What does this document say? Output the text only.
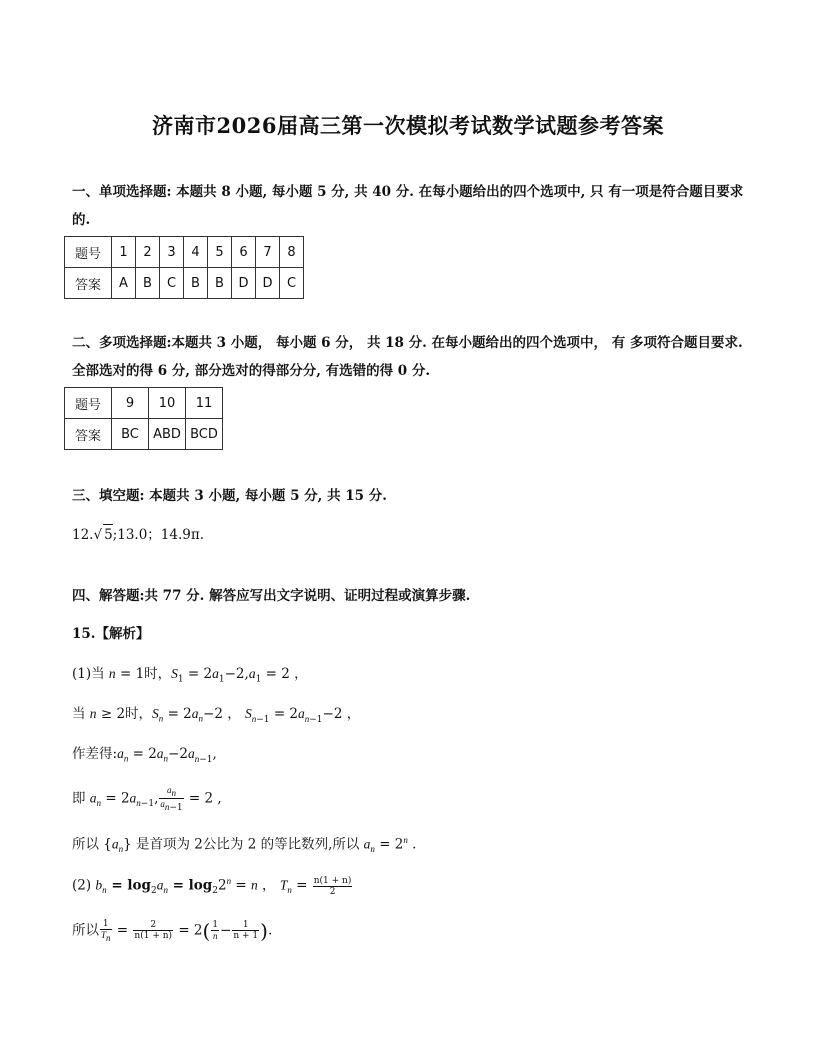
济南市2026届高三第一次模拟考试数学试题参考答案
一、单项选择题: 本题共 8 小题, 每小题 5 分, 共 40 分. 在每小题给出的四个选项中, 只 有一项是符合题目要求的.
题号	1	2	3	4	5	6	7	8
答案	A	B	C	B	B	D	D	C
二、多项选择题:本题共 3 小题， 每小题 6 分， 共 18 分. 在每小题给出的四个选项中， 有 多项符合题目要求. 全部选对的得 6 分, 部分选对的得部分分, 有选错的得 0 分.
题号	9	10	11
答案	BC	ABD	BCD
三、填空题: 本题共 3 小题, 每小题 5 分, 共 15 分.
12.√ 5;13.0；14.9π.
四、解答题:共 77 分. 解答应写出文字说明、证明过程或演算步骤.
15.【解析】
(1)当 n = 1时，$S_1 = 2a_1-2,a_1 = 2$ ，
当 n ≥ 2时，$S_n = 2a_n-2$ ， $S_{n-1} = 2a_{n-1}-2$ ，
作差得$:a_n = 2a_n-2a_{n-1}$,
即 $a_n = 2a_{n-1}$, $\frac{a_n}{a_{n-1}} = 2$ ,
所以 $\{a_n\}$ 是首项为 2公比为 2 的等比数列,所以 $a_n = 2^n$ .
(2) $b_n = \log_2a_n = \log_22^n = n$ ， $T_n = \frac{n(1 + n)}{2}$
所以 $\frac{1}{T_n} = \frac{2}{n(1 + n)} = 2( \frac{1}{n} - \frac{1}{n + 1}$ ).
